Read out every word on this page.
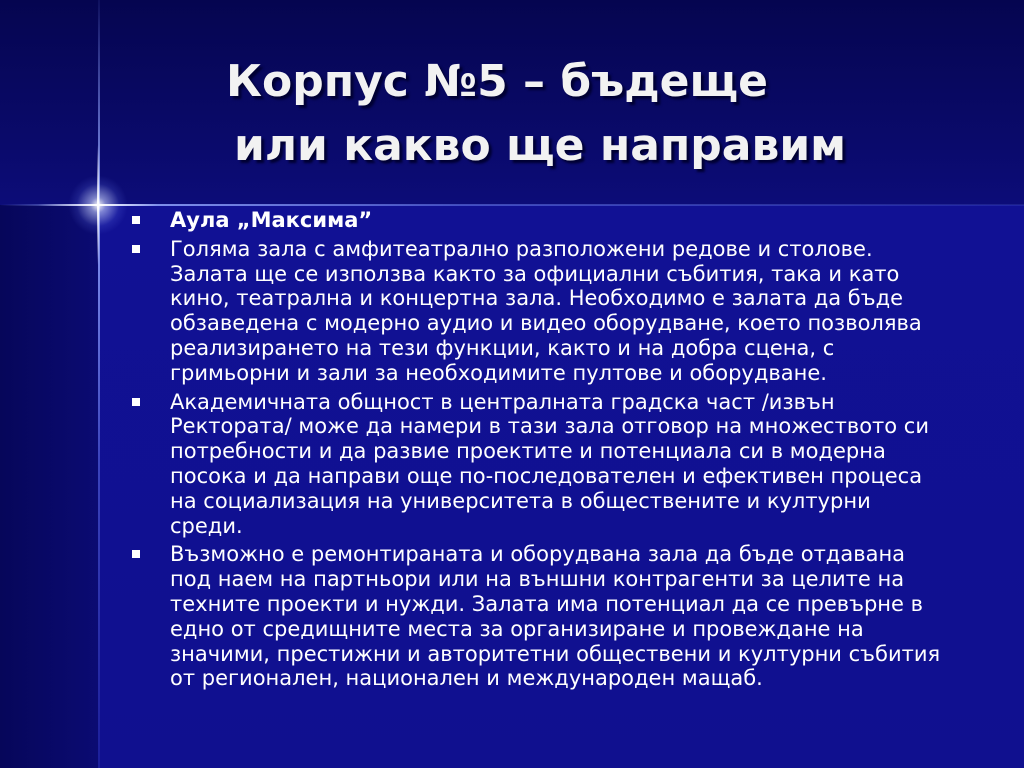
Корпус №5 – бъдеще
или какво ще направим
Аула „Максима”
Голяма зала с амфитеатрално разположени редове и столове. Залата ще се използва както за официални събития, така и като кино, театрална и концертна зала. Необходимо е залата да бъде обзаведена с модерно аудио и видео оборудване, което позволява реализирането на тези функции, както и на добра сцена, с гримьорни и зали за необходимите пултове и оборудване.
Академичната общност в централната градска част /извън Ректората/ може да намери в тази зала отговор на множеството си потребности и да развие проектите и потенциала си в модерна посока и да направи още по-последователен и ефективен процеса на социализация на университета в обществените и културни среди.
Възможно е ремонтираната и оборудвана зала да бъде отдавана под наем на партньори или на външни контрагенти за целите на техните проекти и нужди. Залата има потенциал да се превърне в едно от средищните места за организиране и провеждане на значими, престижни и авторитетни обществени и културни събития от регионален, национален и международен мащаб.
